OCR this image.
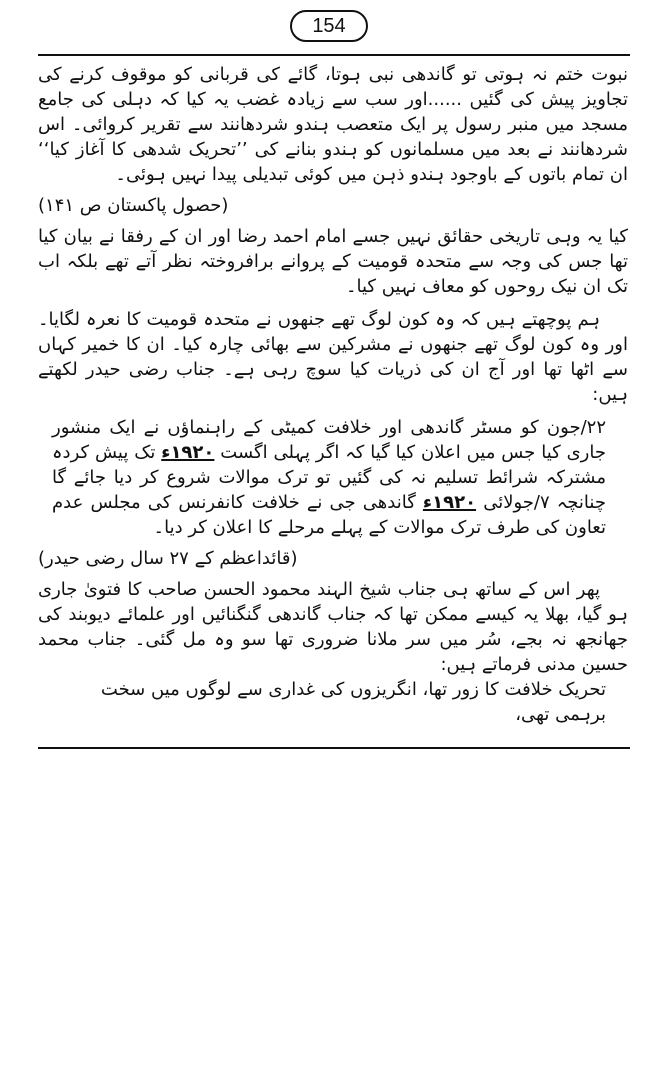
154

نبوت ختم نہ ہوتی تو گاندھی نبی ہوتا، گائے کی قربانی کو موقوف کرنے کی تجاویز پیش کی گئیں ......اور سب سے زیادہ غضب یہ کیا کہ دہلی کی جامع مسجد میں منبر رسول پر ایک متعصب ہندو شردھانند سے تقریر کروائی۔ اس شردھانند نے بعد میں مسلمانوں کو ہندو بنانے کی ’’تحریک شدھی کا آغاز کیا‘‘ ان تمام باتوں کے باوجود ہندو ذہن میں کوئی تبدیلی پیدا نہیں ہوئی۔

(حصول پاکستان ص ۱۴۱)

کیا یہ وہی تاریخی حقائق نہیں جسے امام احمد رضا اور ان کے رفقا نے بیان کیا تھا جس کی وجہ سے متحدہ قومیت کے پروانے برافروختہ نظر آتے تھے بلکہ اب تک ان نیک روحوں کو معاف نہیں کیا۔

ہم پوچھتے ہیں کہ وہ کون لوگ تھے جنھوں نے متحدہ قومیت کا نعرہ لگایا۔ اور وہ کون لوگ تھے جنھوں نے مشرکین سے بھائی چارہ کیا۔ ان کا خمیر کہاں سے اٹھا تھا اور آج ان کی ذریات کیا سوچ رہی ہے۔ جناب رضی حیدر لکھتے ہیں:

۲۲/جون کو مسٹر گاندھی اور خلافت کمیٹی کے راہنماؤں نے ایک منشور جاری کیا جس میں اعلان کیا گیا کہ اگر پہلی اگست ۱۹۲۰ء تک پیش کردہ مشترکہ شرائط تسلیم نہ کی گئیں تو ترک موالات شروع کر دیا جائے گا چنانچہ ۷/جولائی ۱۹۲۰ء گاندھی جی نے خلافت کانفرنس کی مجلس عدم تعاون کی طرف ترک موالات کے پہلے مرحلے کا اعلان کر دیا۔

(قائداعظم کے ۲۷ سال رضی حیدر)

پھر اس کے ساتھ ہی جناب شیخ الہند محمود الحسن صاحب کا فتویٰ جاری ہو گیا، بھلا یہ کیسے ممکن تھا کہ جناب گاندھی گنگنائیں اور علمائے دیوبند کی جھانجھ نہ بجے، سُر میں سر ملانا ضروری تھا سو وہ مل گئی۔ جناب محمد حسین مدنی فرماتے ہیں:

تحریک خلافت کا زور تھا، انگریزوں کی غداری سے لوگوں میں سخت برہمی تھی،
